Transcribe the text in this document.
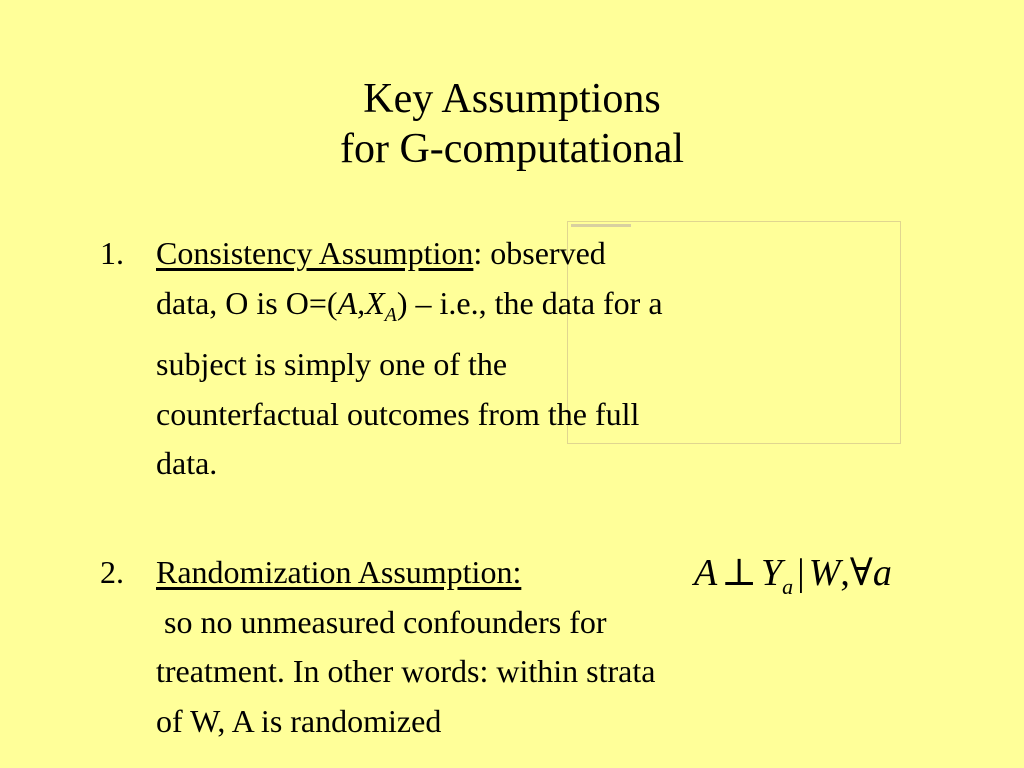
Key Assumptions
for G-computational
1. Consistency Assumption: observed
data, O is $O=(A,X_A) - i.e$., the data for a
subject is simply one of the
counterfactual outcomes from the full
data.
2. Randomization Assumption:
so no unmeasured confounders for
treatment. In other words: within strata
of W, A is randomized
A ⊥ $Y_a$ | W,∀a
